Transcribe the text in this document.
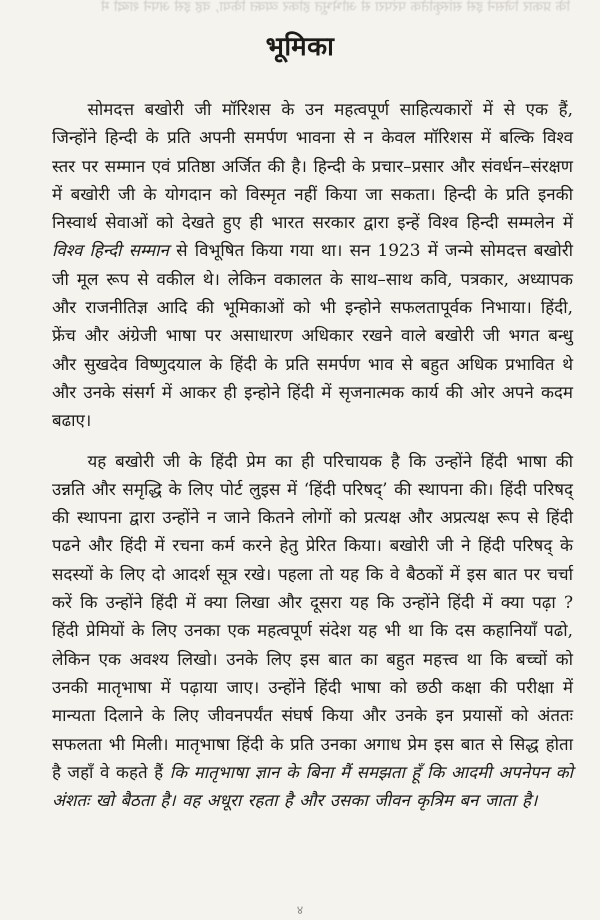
कि प्रकार जिसने इसे सांस्कृतिक परंपरा से अभिभूत होकर व्यक्त किया, वह इसे अपने शब्दों में
भूमिका

सोमदत्त बखोरी जी मॉरिशस के उन महत्वपूर्ण साहित्यकारों में से एक हैं, जिन्होंने हिन्दी के प्रति अपनी समर्पण भावना से न केवल मॉरिशस में बल्कि विश्व स्तर पर सम्मान एवं प्रतिष्ठा अर्जित की है। हिन्दी के प्रचार–प्रसार और संवर्धन–संरक्षण में बखोरी जी के योगदान को विस्मृत नहीं किया जा सकता। हिन्दी के प्रति इनकी निस्वार्थ सेवाओं को देखते हुए ही भारत सरकार द्वारा इन्हें विश्व हिन्दी सम्मलेन में विश्व हिन्दी सम्मान से विभूषित किया गया था। सन 1923 में जन्मे सोमदत्त बखोरी जी मूल रूप से वकील थे। लेकिन वकालत के साथ–साथ कवि, पत्रकार, अध्यापक और राजनीतिज्ञ आदि की भूमिकाओं को भी इन्होने सफलतापूर्वक निभाया। हिंदी, फ्रेंच और अंग्रेजी भाषा पर असाधारण अधिकार रखने वाले बखोरी जी भगत बन्धु और सुखदेव विष्णुदयाल के हिंदी के प्रति समर्पण भाव से बहुत अधिक प्रभावित थे और उनके संसर्ग में आकर ही इन्होने हिंदी में सृजनात्मक कार्य की ओर अपने कदम बढाए।

यह बखोरी जी के हिंदी प्रेम का ही परिचायक है कि उन्होंने हिंदी भाषा की उन्नति और समृद्धि के लिए पोर्ट लुइस में ‘हिंदी परिषद्’ की स्थापना की। हिंदी परिषद् की स्थापना द्वारा उन्होंने न जाने कितने लोगों को प्रत्यक्ष और अप्रत्यक्ष रूप से हिंदी पढने और हिंदी में रचना कर्म करने हेतु प्रेरित किया। बखोरी जी ने हिंदी परिषद् के सदस्यों के लिए दो आदर्श सूत्र रखे। पहला तो यह कि वे बैठकों में इस बात पर चर्चा करें कि उन्होंने हिंदी में क्या लिखा और दूसरा यह कि उन्होंने हिंदी में क्या पढ़ा ? हिंदी प्रेमियों के लिए उनका एक महत्वपूर्ण संदेश यह भी था कि दस कहानियाँ पढो, लेकिन एक अवश्य लिखो। उनके लिए इस बात का बहुत महत्त्व था कि बच्चों को उनकी मातृभाषा में पढ़ाया जाए। उन्होंने हिंदी भाषा को छठी कक्षा की परीक्षा में मान्यता दिलाने के लिए जीवनपर्यंत संघर्ष किया और उनके इन प्रयासों को अंततः सफलता भी मिली। मातृभाषा हिंदी के प्रति उनका अगाध प्रेम इस बात से सिद्ध होता है जहाँ वे कहते हैं कि मातृभाषा ज्ञान के बिना मैं समझता हूँ कि आदमी अपनेपन को अंशतः खो बैठता है। वह अधूरा रहता है और उसका जीवन कृत्रिम बन जाता है।

४
